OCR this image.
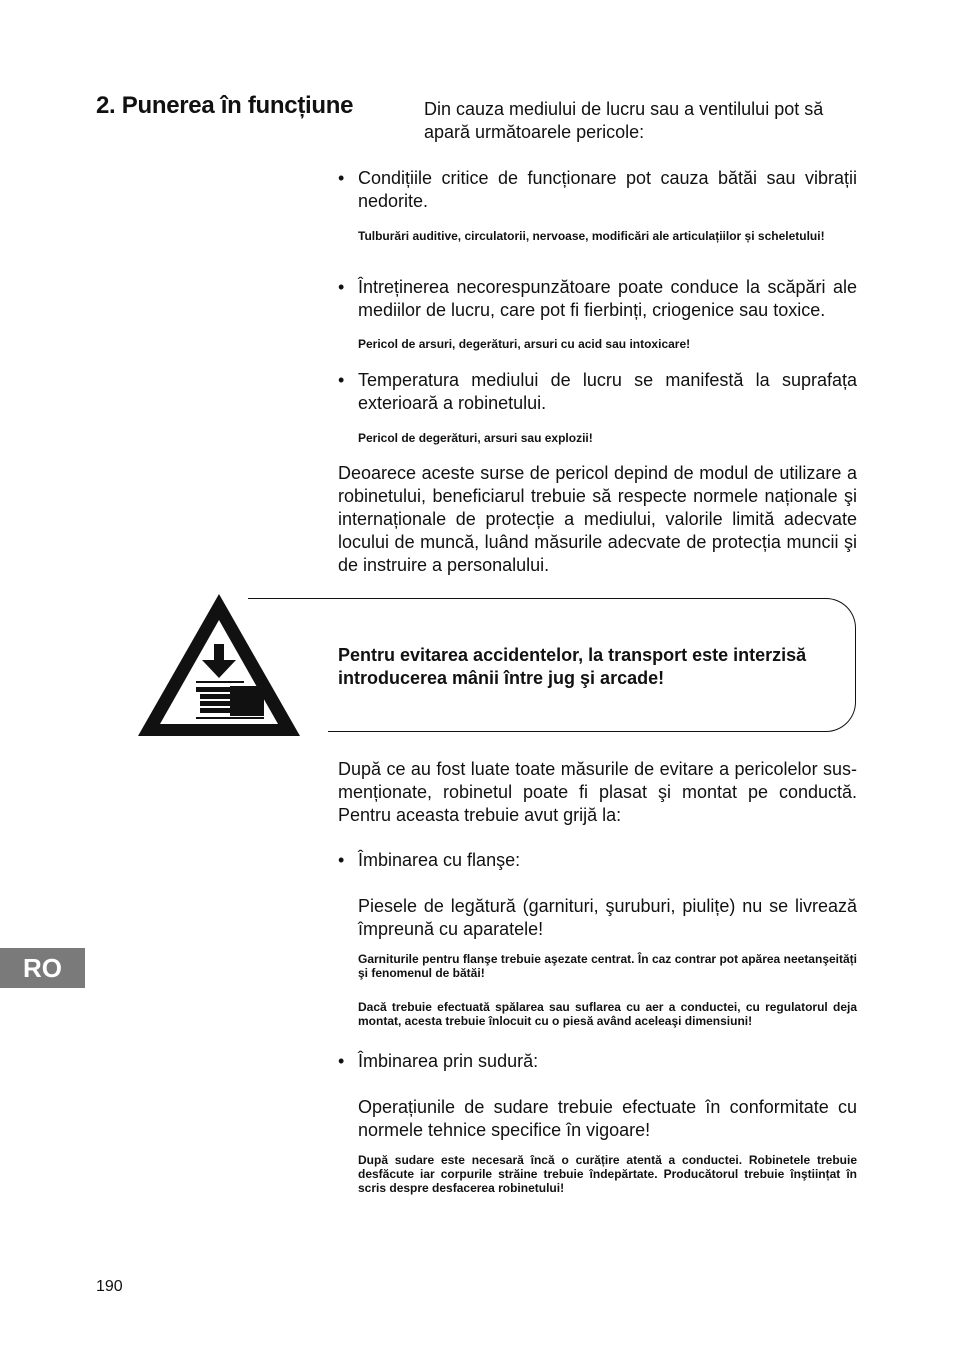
2. Punerea în funcțiune	Din cauza mediului de lucru sau a ventilului pot să apară următoarele pericole:
• Condițiile critice de funcționare pot cauza bătăi sau vibrații nedorite.
Tulburări auditive, circulatorii, nervoase, modificări ale articulațiilor și scheletului!
• Întreținerea necorespunzătoare poate conduce la scăpări ale mediilor de lucru, care pot fi fierbinți, criogenice sau toxice.
Pericol de arsuri, degerături, arsuri cu acid sau intoxicare!
• Temperatura mediului de lucru se manifestă la suprafața exterioară a robinetului.
Pericol de degerături, arsuri sau explozii!
Deoarece aceste surse de pericol depind de modul de utilizare a robinetului, beneficiarul trebuie să respecte normele naționale şi internaționale de protecție a mediului, valorile limită adecvate locului de muncă, luând măsurile adecvate de protecția muncii şi de instruire a personalului.
Pentru evitarea accidentelor, la transport este interzisă introducerea mânii între jug şi arcade!
După ce au fost luate toate măsurile de evitare a pericolelor sus-menționate, robinetul poate fi plasat şi montat pe conductă. Pentru aceasta trebuie avut grijă la:
• Îmbinarea cu flanşe:
Piesele de legătură (garnituri, şuruburi, piulițe) nu se livrează împreună cu aparatele!
Garniturile pentru flanşe trebuie aşezate centrat. În caz contrar pot apărea neetanşeități şi fenomenul de bătăi!
Dacă trebuie efectuată spălarea sau suflarea cu aer a conductei, cu regulatorul deja montat, acesta trebuie înlocuit cu o piesă având aceleaşi dimensiuni!
• Îmbinarea prin sudură:
Operațiunile de sudare trebuie efectuate în conformitate cu normele tehnice specifice în vigoare!
După sudare este necesară încă o curățire atentă a conductei. Robinetele trebuie desfăcute iar corpurile străine trebuie îndepărtate. Producătorul trebuie înştiințat în scris despre desfacerea robinetului!
RO
190
